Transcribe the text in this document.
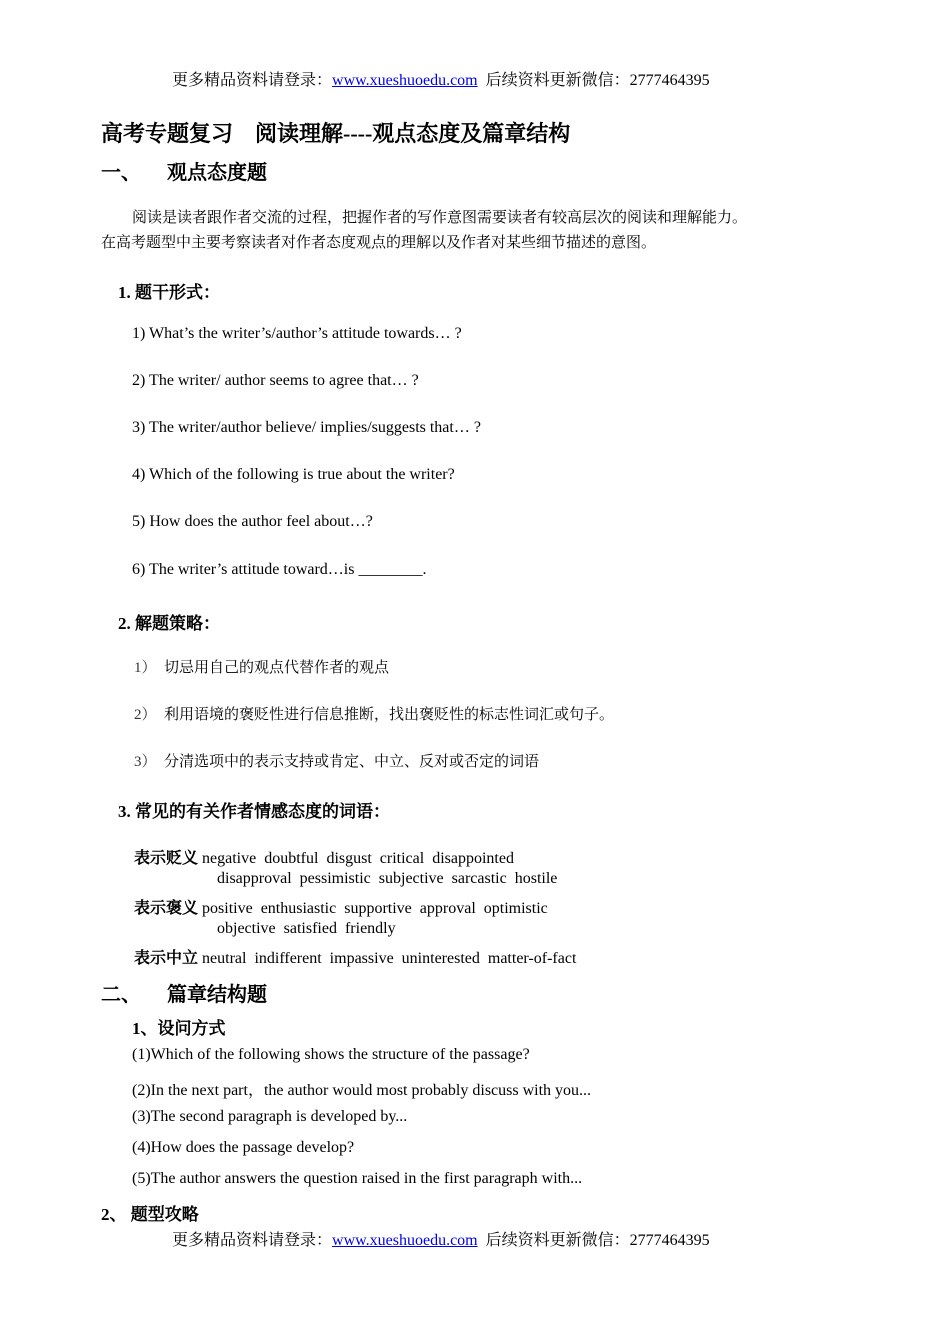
更多精品资料请登录：www.xueshuoedu.com 后续资料更新微信：2777464395
高考专题复习　阅读理解----观点态度及篇章结构
一、 观点态度题
阅读是读者跟作者交流的过程，把握作者的写作意图需要读者有较高层次的阅读和理解能力。
在高考题型中主要考察读者对作者态度观点的理解以及作者对某些细节描述的意图。
1. 题干形式：
1) What’s the writer’s/author’s attitude towards… ?
2) The writer/ author seems to agree that… ?
3) The writer/author believe/ implies/suggests that… ?
4) Which of the following is true about the writer?
5) How does the author feel about…?
6) The writer’s attitude toward…is ________.
2. 解题策略：
1） 切忌用自己的观点代替作者的观点
2） 利用语境的褒贬性进行信息推断，找出褒贬性的标志性词汇或句子。
3） 分清选项中的表示支持或肯定、中立、反对或否定的词语
3. 常见的有关作者情感态度的词语：
表示贬义 negative doubtful disgust critical disappointed
disapproval pessimistic subjective sarcastic hostile
表示褒义 positive enthusiastic supportive approval optimistic
objective satisfied friendly
表示中立 neutral indifferent impassive uninterested matter-of-fact
二、 篇章结构题
1、设问方式
(1)Which of the following shows the structure of the passage?
(2)In the next part，the author would most probably discuss with you...
(3)The second paragraph is developed by...
(4)How does the passage develop?
(5)The author answers the question raised in the first paragraph with...
2、 题型攻略
更多精品资料请登录：www.xueshuoedu.com 后续资料更新微信：2777464395
